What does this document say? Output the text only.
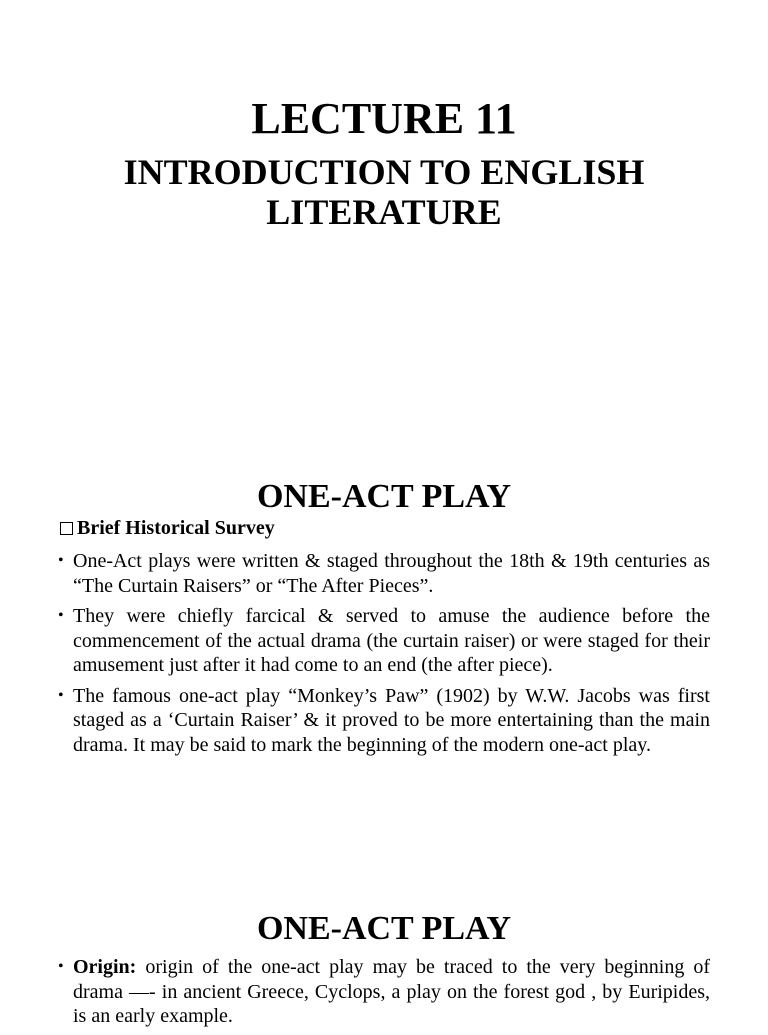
LECTURE 11
INTRODUCTION TO ENGLISH LITERATURE
ONE-ACT PLAY
Brief Historical Survey
• One-Act plays were written & staged throughout the 18th & 19th centuries as “The Curtain Raisers” or “The After Pieces”.
• They were chiefly farcical & served to amuse the audience before the commencement of the actual drama (the curtain raiser) or were staged for their amusement just after it had come to an end (the after piece).
• The famous one-act play “Monkey’s Paw” (1902) by W.W. Jacobs was first staged as a ‘Curtain Raiser’ & it proved to be more entertaining than the main drama. It may be said to mark the beginning of the modern one-act play.
ONE-ACT PLAY
• Origin: origin of the one-act play may be traced to the very beginning of drama —- in ancient Greece, Cyclops, a play on the forest god , by Euripides, is an early example.
